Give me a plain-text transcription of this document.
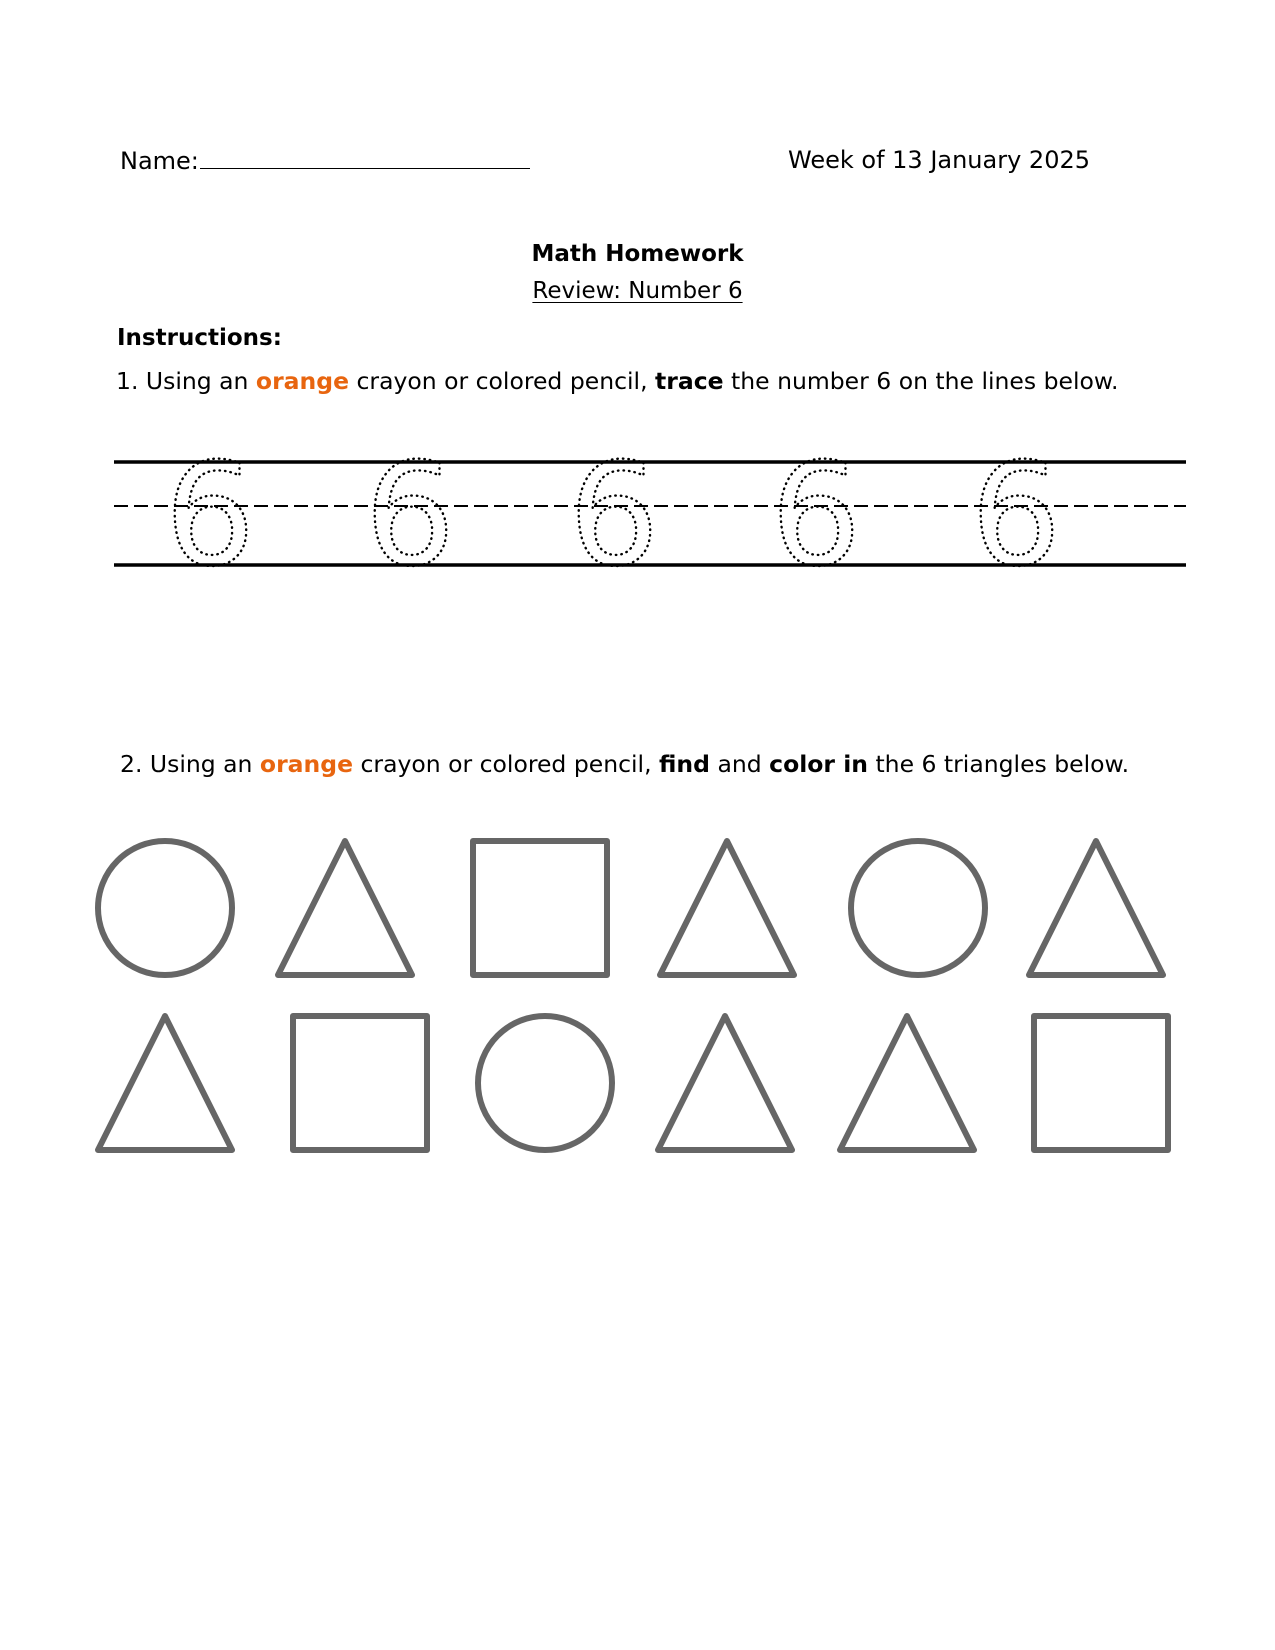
Name:	Week of 13 January 2025
Math Homework
Review: Number 6
Instructions:
1. Using an orange crayon or colored pencil, trace the number 6 on the lines below.
6 6 6 6 6
2. Using an orange crayon or colored pencil, find and color in the 6 triangles below.
